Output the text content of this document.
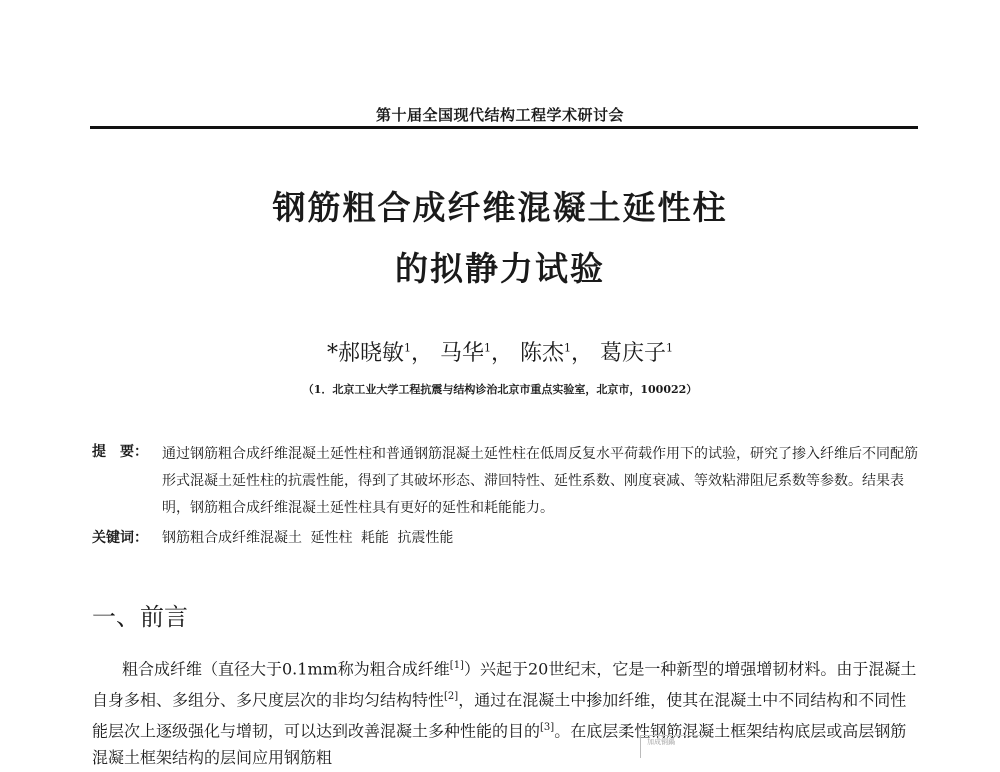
第十届全国现代结构工程学术研讨会
钢筋粗合成纤维混凝土延性柱
的拟静力试验
*郝晓敏$^1$， 马华$^1$， 陈杰$^1$， 葛庆子$^1$
（1．北京工业大学工程抗震与结构诊治北京市重点实验室，北京市，100022）
提　要： 通过钢筋粗合成纤维混凝土延性柱和普通钢筋混凝土延性柱在低周反复水平荷载作用下的试验，研究了掺入纤维后不同配筋形式混凝土延性柱的抗震性能，得到了其破坏形态、滞回特性、延性系数、刚度衰减、等效粘滞阻尼系数等参数。结果表明，钢筋粗合成纤维混凝土延性柱具有更好的延性和耗能能力。
关键词： 钢筋粗合成纤维混凝土 延性柱 耗能 抗震性能
一、前言
粗合成纤维（直径大于0.1mm称为粗合成纤维[1]）兴起于20世纪末，它是一种新型的增强增韧材料。由于混凝土自身多相、多组分、多尺度层次的非均匀结构特性[2]，通过在混凝土中掺加纤维，使其在混凝土中不同结构和不同性能层次上逐级强化与增韧，可以达到改善混凝土多种性能的目的[3]。在底层柔性钢筋混凝土框架结构底层或高层钢筋混凝土框架结构的层间应用钢筋粗
加成铜鍋
